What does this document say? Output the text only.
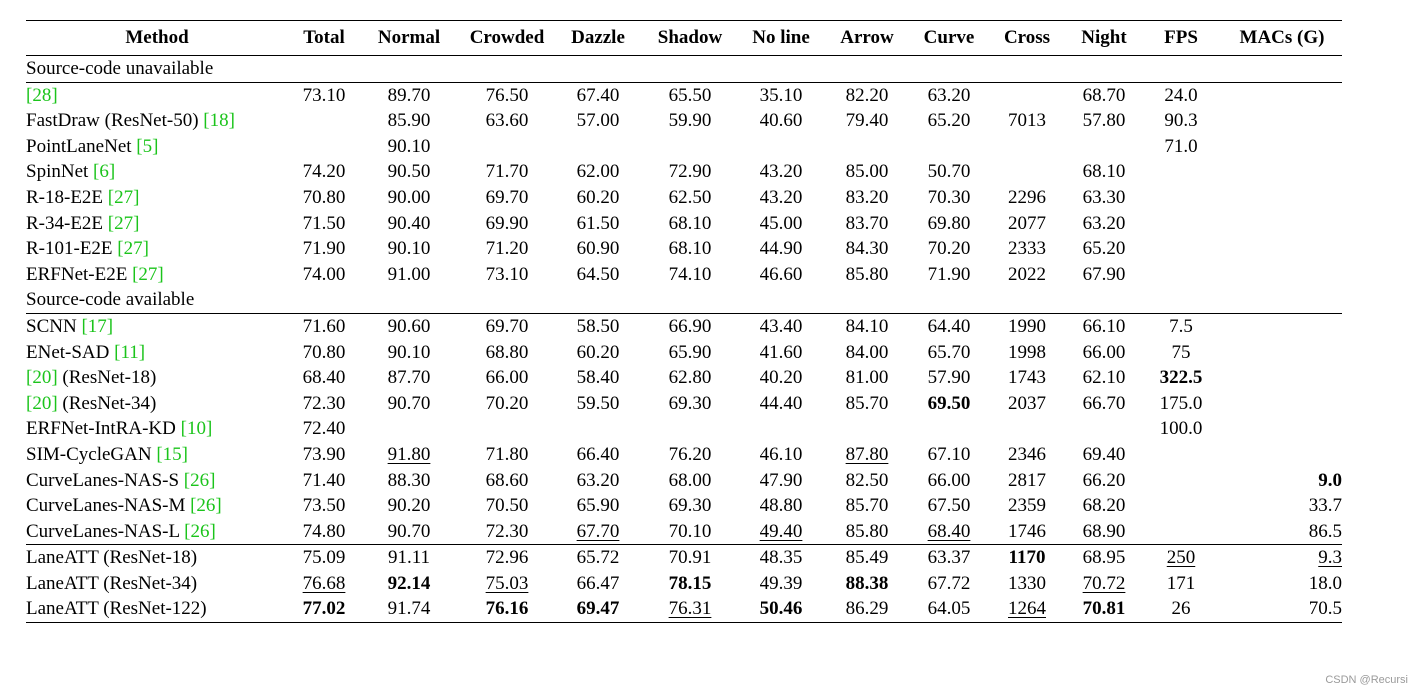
Method	Total	Normal	Crowded	Dazzle	Shadow	No line	Arrow	Curve	Cross	Night	FPS	MACs (G)
Source-code unavailable												
[28]	73.10	89.70	76.50	67.40	65.50	35.10	82.20	63.20		68.70	24.0	
FastDraw (ResNet-50) [18]		85.90	63.60	57.00	59.90	40.60	79.40	65.20	7013	57.80	90.3	
PointLaneNet [5]		90.10									71.0	
SpinNet [6]	74.20	90.50	71.70	62.00	72.90	43.20	85.00	50.70		68.10		
R-18-E2E [27]	70.80	90.00	69.70	60.20	62.50	43.20	83.20	70.30	2296	63.30		
R-34-E2E [27]	71.50	90.40	69.90	61.50	68.10	45.00	83.70	69.80	2077	63.20		
R-101-E2E [27]	71.90	90.10	71.20	60.90	68.10	44.90	84.30	70.20	2333	65.20		
ERFNet-E2E [27]	74.00	91.00	73.10	64.50	74.10	46.60	85.80	71.90	2022	67.90		
Source-code available												
SCNN [17]	71.60	90.60	69.70	58.50	66.90	43.40	84.10	64.40	1990	66.10	7.5	
ENet-SAD [11]	70.80	90.10	68.80	60.20	65.90	41.60	84.00	65.70	1998	66.00	75	
[20] (ResNet-18)	68.40	87.70	66.00	58.40	62.80	40.20	81.00	57.90	1743	62.10	322.5	
[20] (ResNet-34)	72.30	90.70	70.20	59.50	69.30	44.40	85.70	69.50	2037	66.70	175.0	
ERFNet-IntRA-KD [10]	72.40										100.0	
SIM-CycleGAN [15]	73.90	91.80	71.80	66.40	76.20	46.10	87.80	67.10	2346	69.40		
CurveLanes-NAS-S [26]	71.40	88.30	68.60	63.20	68.00	47.90	82.50	66.00	2817	66.20		9.0
CurveLanes-NAS-M [26]	73.50	90.20	70.50	65.90	69.30	48.80	85.70	67.50	2359	68.20		33.7
CurveLanes-NAS-L [26]	74.80	90.70	72.30	67.70	70.10	49.40	85.80	68.40	1746	68.90		86.5
LaneATT (ResNet-18)	75.09	91.11	72.96	65.72	70.91	48.35	85.49	63.37	1170	68.95	250	9.3
LaneATT (ResNet-34)	76.68	92.14	75.03	66.47	78.15	49.39	88.38	67.72	1330	70.72	171	18.0
LaneATT (ResNet-122)	77.02	91.74	76.16	69.47	76.31	50.46	86.29	64.05	1264	70.81	26	70.5
CSDN @Recursi
